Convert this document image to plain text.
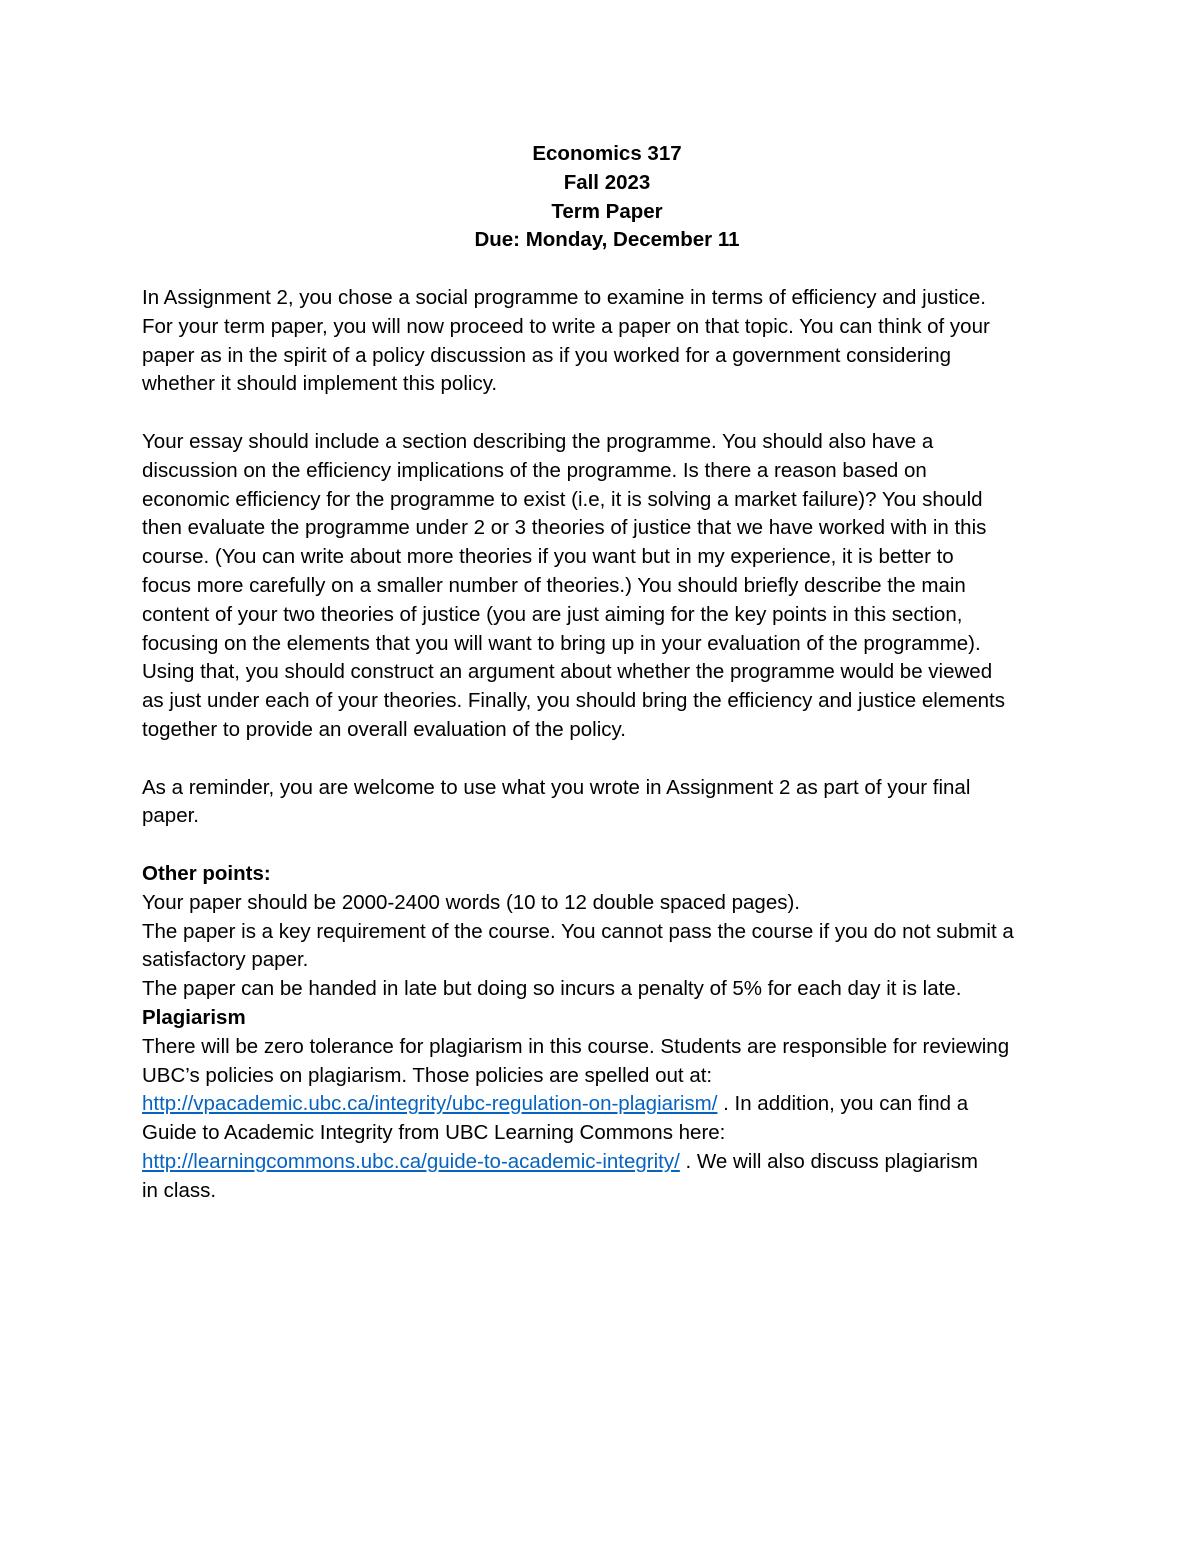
Economics 317
Fall 2023
Term Paper
Due: Monday, December 11
In Assignment 2, you chose a social programme to examine in terms of efficiency and justice.
For your term paper, you will now proceed to write a paper on that topic. You can think of your
paper as in the spirit of a policy discussion as if you worked for a government considering
whether it should implement this policy.
Your essay should include a section describing the programme. You should also have a
discussion on the efficiency implications of the programme. Is there a reason based on
economic efficiency for the programme to exist (i.e, it is solving a market failure)? You should
then evaluate the programme under 2 or 3 theories of justice that we have worked with in this
course. (You can write about more theories if you want but in my experience, it is better to
focus more carefully on a smaller number of theories.) You should briefly describe the main
content of your two theories of justice (you are just aiming for the key points in this section,
focusing on the elements that you will want to bring up in your evaluation of the programme).
Using that, you should construct an argument about whether the programme would be viewed
as just under each of your theories. Finally, you should bring the efficiency and justice elements
together to provide an overall evaluation of the policy.
As a reminder, you are welcome to use what you wrote in Assignment 2 as part of your final
paper.
Other points:
Your paper should be 2000-2400 words (10 to 12 double spaced pages).
The paper is a key requirement of the course. You cannot pass the course if you do not submit a
satisfactory paper.
The paper can be handed in late but doing so incurs a penalty of 5% for each day it is late.
Plagiarism
There will be zero tolerance for plagiarism in this course. Students are responsible for reviewing
UBC’s policies on plagiarism. Those policies are spelled out at:
http://vpacademic.ubc.ca/integrity/ubc-regulation-on-plagiarism/ . In addition, you can find a
Guide to Academic Integrity from UBC Learning Commons here:
http://learningcommons.ubc.ca/guide-to-academic-integrity/ . We will also discuss plagiarism
in class.
